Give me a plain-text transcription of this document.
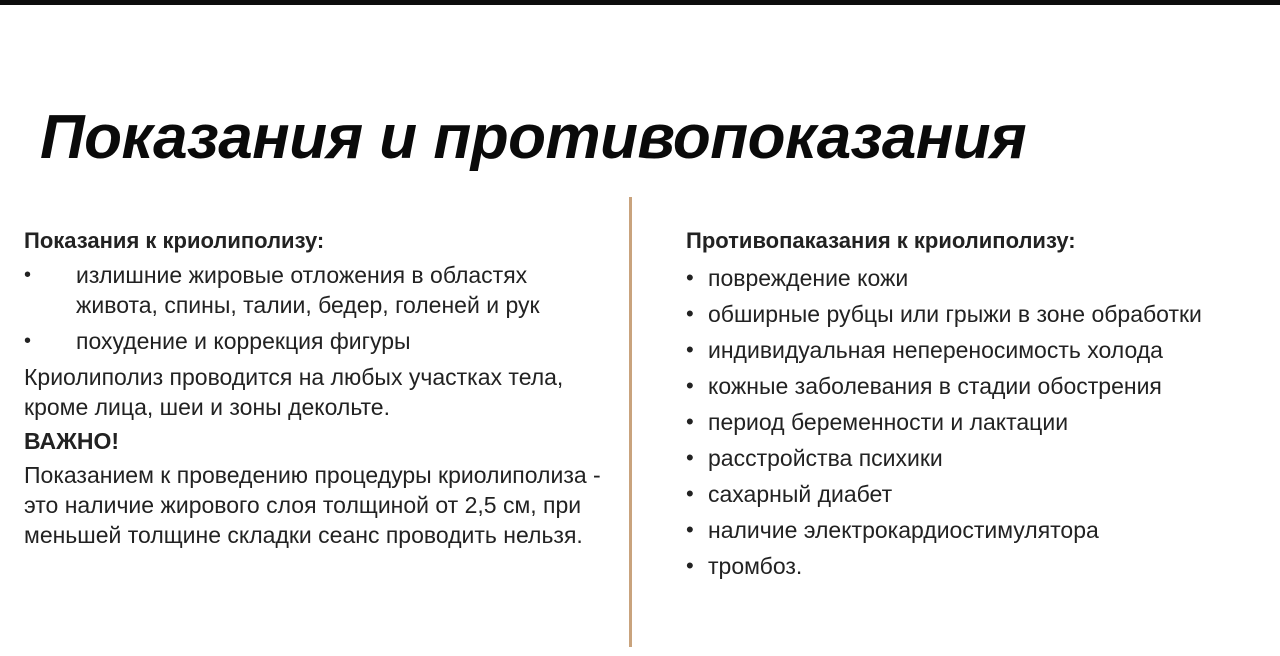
Показания и противопоказания

Показания к криолиполизу:

• излишние жировые отложения в областях живота, спины, талии, бедер, голеней и рук
• похудение и коррекция фигуры

Криолиполиз проводится на любых участках тела, кроме лица, шеи и зоны декольте.

ВАЖНО!

Показанием к проведению процедуры криолиполиза - это наличие жирового слоя толщиной от 2,5 см, при меньшей толщине складки сеанс проводить нельзя.

Противопаказания к криолиполизу:

• повреждение кожи
• обширные рубцы или грыжи в зоне обработки
• индивидуальная непереносимость холода
• кожные заболевания в стадии обострения
• период беременности и лактации
• расстройства психики
• сахарный диабет
• наличие электрокардиостимулятора
• тромбоз.
